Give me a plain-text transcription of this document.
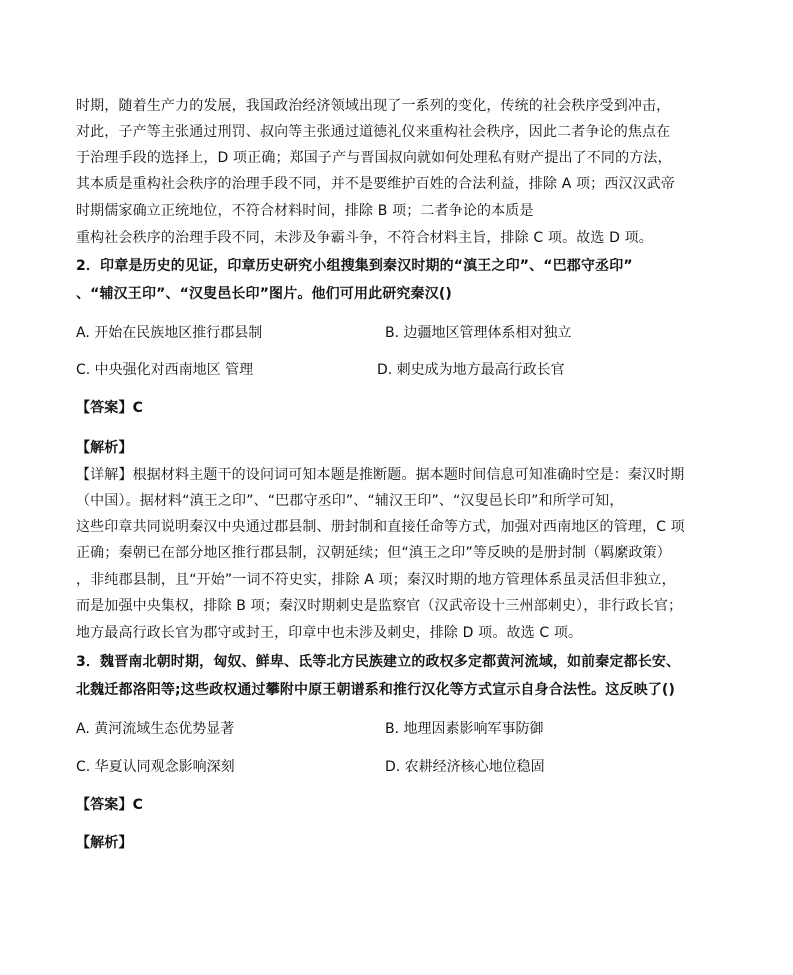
时期，随着生产力的发展，我国政治经济领域出现了一系列的变化，传统的社会秩序受到冲击，
对此，子产等主张通过刑罚、叔向等主张通过道德礼仪来重构社会秩序，因此二者争论的焦点在
于治理手段的选择上，D 项正确；郑国子产与晋国叔向就如何处理私有财产提出了不同的方法，
其本质是重构社会秩序的治理手段不同，并不是要维护百姓的合法利益，排除 A 项；西汉汉武帝
时期儒家确立正统地位，不符合材料时间，排除 B 项；二者争论的本质是
重构社会秩序的治理手段不同，未涉及争霸斗争，不符合材料主旨，排除 C 项。故选 D 项。
2．印章是历史的见证，印章历史研究小组搜集到秦汉时期的“滇王之印”、“巴郡守丞印”
、“辅汉王印”、“汉叟邑长印”图片。他们可用此研究秦汉()
A. 开始在民族地区推行郡县制	B. 边疆地区管理体系相对独立
C. 中央强化对西南地区 管理	D. 刺史成为地方最高行政长官
【答案】C
【解析】
【详解】根据材料主题干的设问词可知本题是推断题。据本题时间信息可知准确时空是：秦汉时期
（中国）。据材料“滇王之印”、“巴郡守丞印”、“辅汉王印”、“汉叟邑长印”和所学可知，
这些印章共同说明秦汉中央通过郡县制、册封制和直接任命等方式，加强对西南地区的管理，C 项
正确；秦朝已在部分地区推行郡县制，汉朝延续；但“滇王之印”等反映的是册封制（羁縻政策）
，非纯郡县制，且“开始”一词不符史实，排除 A 项；秦汉时期的地方管理体系虽灵活但非独立，
而是加强中央集权，排除 B 项；秦汉时期刺史是监察官（汉武帝设十三州部刺史），非行政长官；
地方最高行政长官为郡守或封王，印章中也未涉及刺史，排除 D 项。故选 C 项。
3．魏晋南北朝时期，匈奴、鲜卑、氐等北方民族建立的政权多定都黄河流域，如前秦定都长安、
北魏迁都洛阳等;这些政权通过攀附中原王朝谱系和推行汉化等方式宣示自身合法性。这反映了()
A. 黄河流域生态优势显著	B. 地理因素影响军事防御
C. 华夏认同观念影响深刻	D. 农耕经济核心地位稳固
【答案】C
【解析】
